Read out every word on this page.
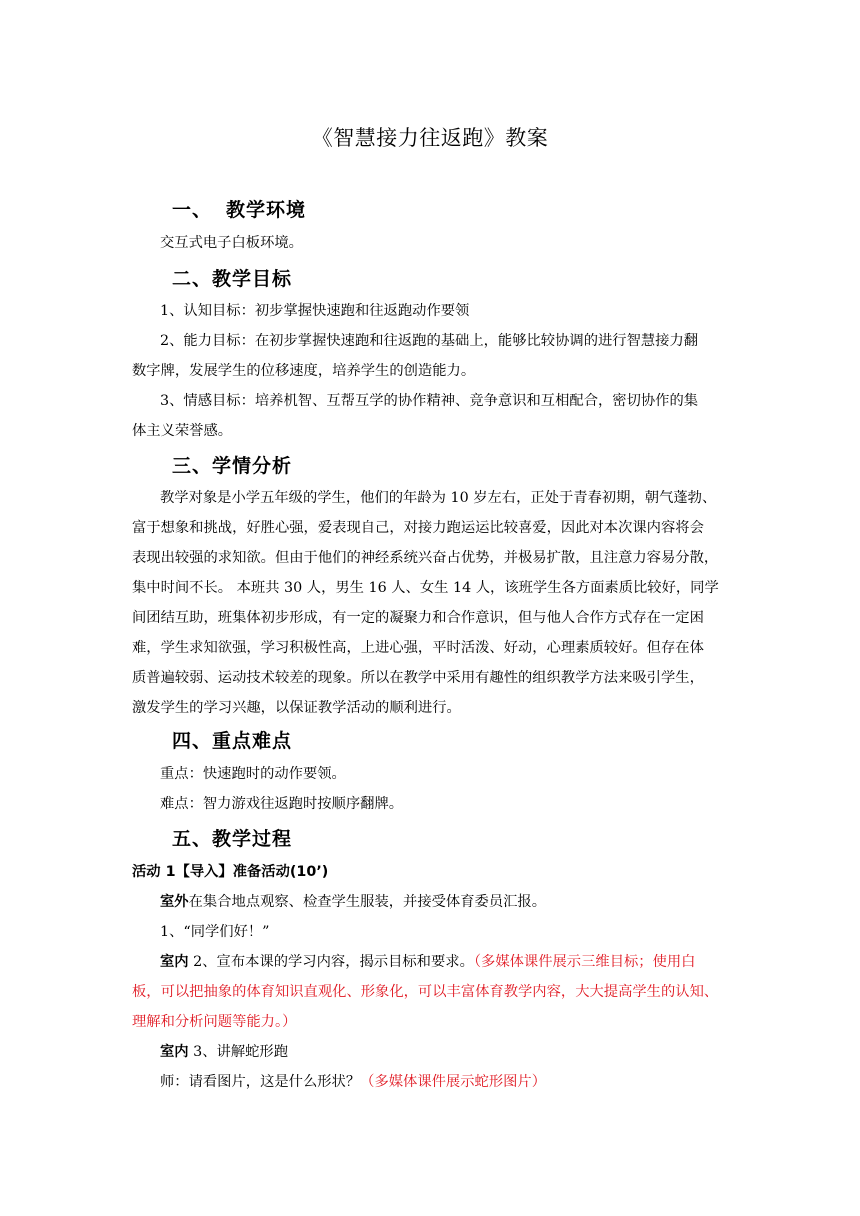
《智慧接力往返跑》教案
一、 教学环境
交互式电子白板环境。
二、教学目标
1、认知目标：初步掌握快速跑和往返跑动作要领
2、能力目标：在初步掌握快速跑和往返跑的基础上，能够比较协调的进行智慧接力翻
数字牌，发展学生的位移速度，培养学生的创造能力。
3、情感目标：培养机智、互帮互学的协作精神、竞争意识和互相配合，密切协作的集
体主义荣誉感。
三、学情分析
教学对象是小学五年级的学生，他们的年龄为 10 岁左右，正处于青春初期，朝气蓬勃、
富于想象和挑战，好胜心强，爱表现自己，对接力跑运运比较喜爱，因此对本次课内容将会
表现出较强的求知欲。但由于他们的神经系统兴奋占优势，并极易扩散，且注意力容易分散，
集中时间不长。 本班共 30 人，男生 16 人、女生 14 人，该班学生各方面素质比较好，同学
间团结互助，班集体初步形成，有一定的凝聚力和合作意识，但与他人合作方式存在一定困
难，学生求知欲强，学习积极性高，上进心强，平时活泼、好动，心理素质较好。但存在体
质普遍较弱、运动技术较差的现象。所以在教学中采用有趣性的组织教学方法来吸引学生，
激发学生的学习兴趣，以保证教学活动的顺利进行。
四、重点难点
重点：快速跑时的动作要领。
难点：智力游戏往返跑时按顺序翻牌。
五、教学过程
活动 1【导入】准备活动(10’)
室外在集合地点观察、检查学生服装，并接受体育委员汇报。
1、“同学们好！”
室内 2、宣布本课的学习内容，揭示目标和要求。（多媒体课件展示三维目标；使用白
板，可以把抽象的体育知识直观化、形象化，可以丰富体育教学内容，大大提高学生的认知、
理解和分析问题等能力。）
室内 3、讲解蛇形跑
师：请看图片，这是什么形状？（多媒体课件展示蛇形图片）
